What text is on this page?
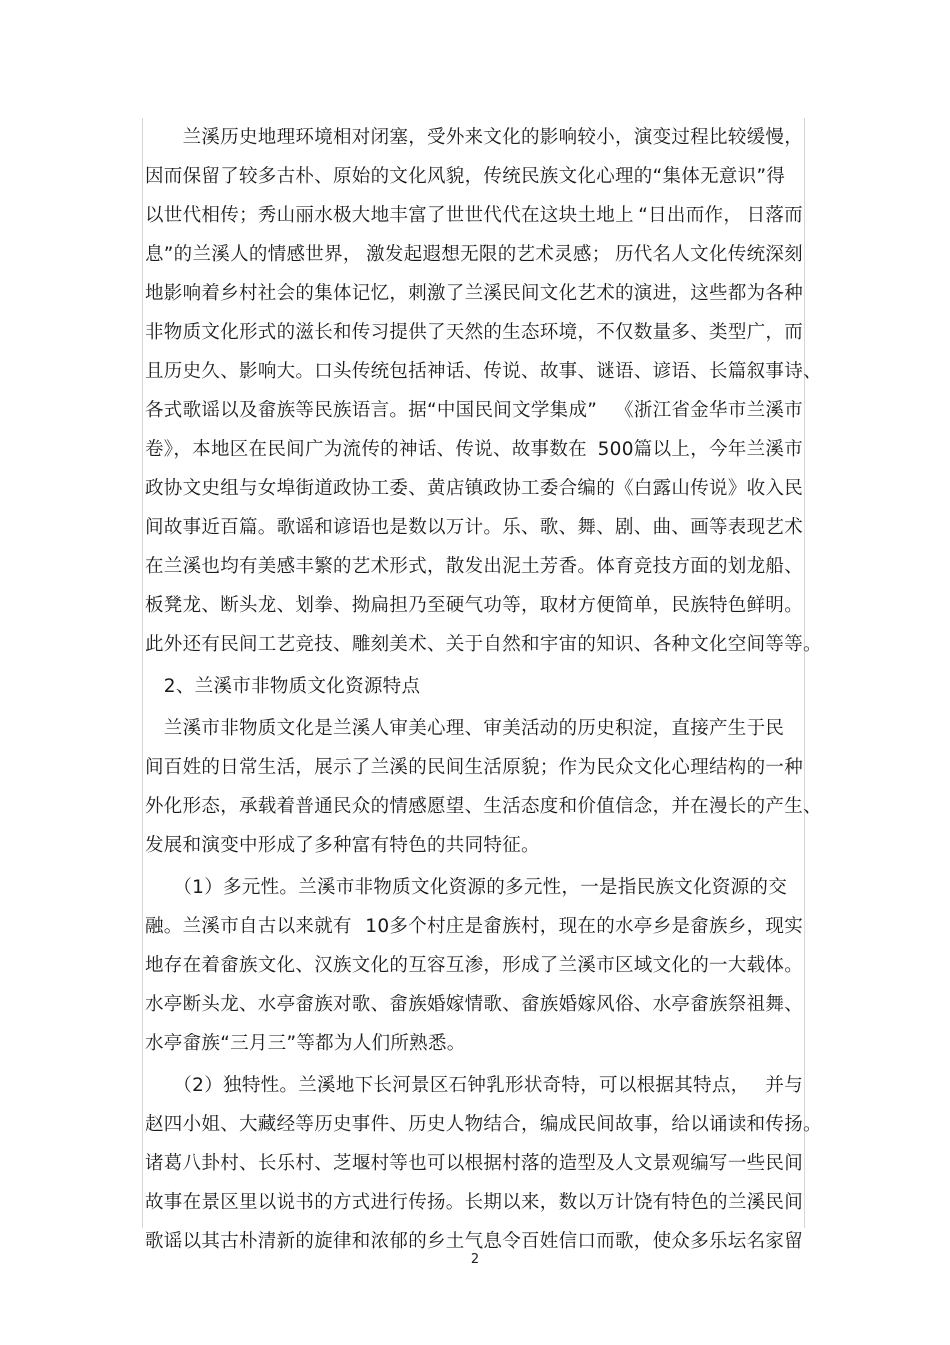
　　兰溪历史地理环境相对闭塞， 受外来文化的影响较小， 演变过程比较缓慢，
因而保留了较多古朴、原始的文化风貌，传统民族文化心理的“集体无意识”得
以世代相传；秀山丽水极大地丰富了世世代代在这块土地上 “日出而作， 日落而
息”的兰溪人的情感世界， 激发起遐想无限的艺术灵感； 历代名人文化传统深刻
地影响着乡村社会的集体记忆， 刺激了兰溪民间文化艺术的演进， 这些都为各种
非物质文化形式的滋长和传习提供了天然的生态环境， 不仅数量多、 类型广， 而
且历史久、 影响大。口头传统包括神话、 传说、故事、谜语、谚语、长篇叙事诗、
各式歌谣以及畲族等民族语言。据“中国民间文学集成” 《浙江省金华市兰溪市
卷》，本地区在民间广为流传的神话、传说、故事数在 500篇以上，今年兰溪市
政协文史组与女埠街道政协工委、 黄店镇政协工委合编的 《白露山传说》 收入民
间故事近百篇。歌谣和谚语也是数以万计。乐、歌、舞、剧、曲、画等表现艺术
在兰溪也均有美感丰繁的艺术形式，散发出泥土芳香。体育竞技方面的划龙船、
板凳龙、断头龙、划拳、拗扁担乃至硬气功等，取材方便简单，民族特色鲜明。
此外还有民间工艺竞技、 雕刻美术、关于自然和宇宙的知识、 各种文化空间等等。
　2、兰溪市非物质文化资源特点
　兰溪市非物质文化是兰溪人审美心理、审美活动的历史积淀，直接产生于民
间百姓的日常生活， 展示了兰溪的民间生活原貌； 作为民众文化心理结构的一种
外化形态，承载着普通民众的情感愿望、 生活态度和价值信念， 并在漫长的产生、
发展和演变中形成了多种富有特色的共同特征。
　　（1）多元性。兰溪市非物质文化资源的多元性，一是指民族文化资源的交
融。兰溪市自古以来就有 10多个村庄是畲族村，现在的水亭乡是畲族乡，现实
地存在着畲族文化、汉族文化的互容互渗，形成了兰溪市区域文化的一大载体。
水亭断头龙、水亭畲族对歌、畲族婚嫁情歌、畲族婚嫁风俗、水亭畲族祭祖舞、
水亭畲族“三月三”等都为人们所熟悉。
　　（2）独特性。兰溪地下长河景区石钟乳形状奇特，可以根据其特点， 并与
赵四小姐、大藏经等历史事件、 历史人物结合， 编成民间故事， 给以诵读和传扬。
诸葛八卦村、 长乐村、芝堰村等也可以根据村落的造型及人文景观编写一些民间
故事在景区里以说书的方式进行传扬。 长期以来， 数以万计饶有特色的兰溪民间
歌谣以其古朴清新的旋律和浓郁的乡土气息令百姓信口而歌， 使众多乐坛名家留
2
